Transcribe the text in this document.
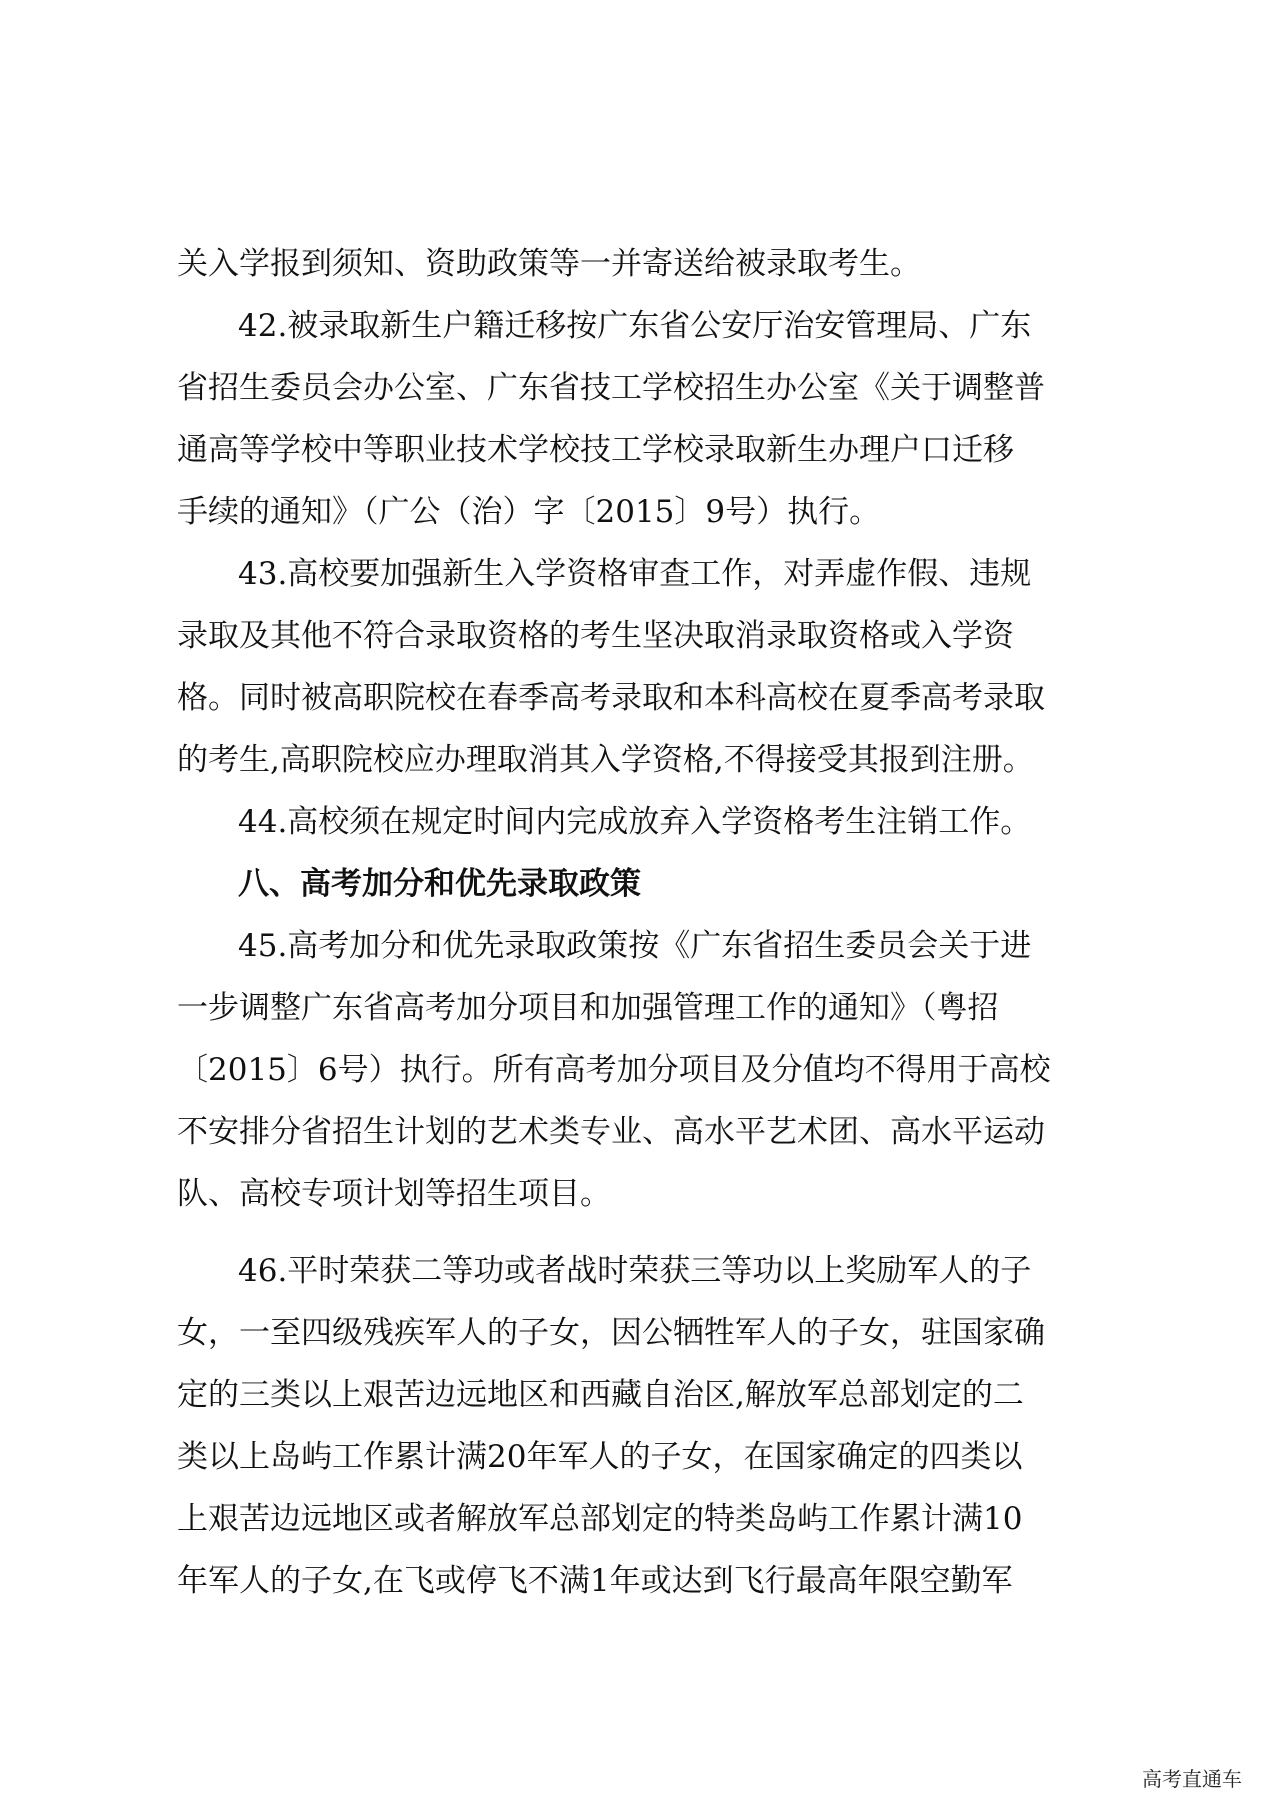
关入学报到须知、资助政策等一并寄送给被录取考生。
42.被录取新生户籍迁移按广东省公安厅治安管理局、广东
省招生委员会办公室、广东省技工学校招生办公室《关于调整普
通高等学校中等职业技术学校技工学校录取新生办理户口迁移
手续的通知》（广公（治）字〔2015〕9号）执行。
43.高校要加强新生入学资格审查工作，对弄虚作假、违规
录取及其他不符合录取资格的考生坚决取消录取资格或入学资
格。同时被高职院校在春季高考录取和本科高校在夏季高考录取
的考生,高职院校应办理取消其入学资格,不得接受其报到注册。
44.高校须在规定时间内完成放弃入学资格考生注销工作。
八、高考加分和优先录取政策
45.高考加分和优先录取政策按《广东省招生委员会关于进
一步调整广东省高考加分项目和加强管理工作的通知》（粤招
〔2015〕6号）执行。所有高考加分项目及分值均不得用于高校
不安排分省招生计划的艺术类专业、高水平艺术团、高水平运动
队、高校专项计划等招生项目。
46.平时荣获二等功或者战时荣获三等功以上奖励军人的子
女，一至四级残疾军人的子女，因公牺牲军人的子女，驻国家确
定的三类以上艰苦边远地区和西藏自治区,解放军总部划定的二
类以上岛屿工作累计满20年军人的子女，在国家确定的四类以
上艰苦边远地区或者解放军总部划定的特类岛屿工作累计满10
年军人的子女,在飞或停飞不满1年或达到飞行最高年限空勤军
高考直通车
